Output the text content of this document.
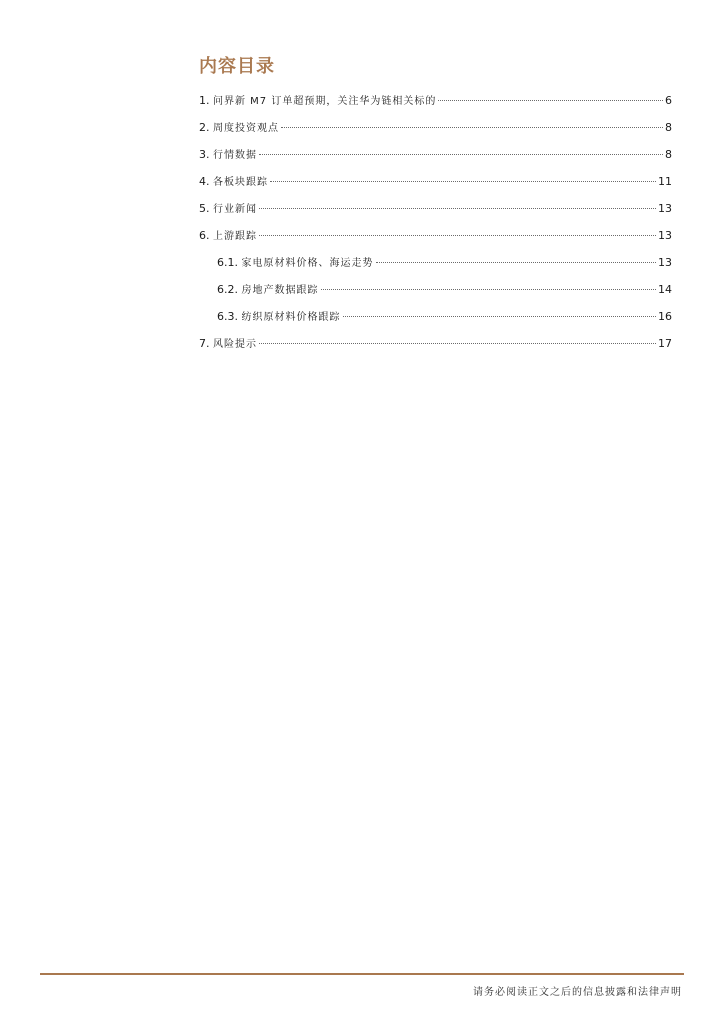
内容目录
1. 问界新 M7 订单超预期，关注华为链相关标的	6
2. 周度投资观点	8
3. 行情数据	8
4. 各板块跟踪	11
5. 行业新闻	13
6. 上游跟踪	13
6.1. 家电原材料价格、海运走势	13
6.2. 房地产数据跟踪	14
6.3. 纺织原材料价格跟踪	16
7. 风险提示	17
请务必阅读正文之后的信息披露和法律声明
